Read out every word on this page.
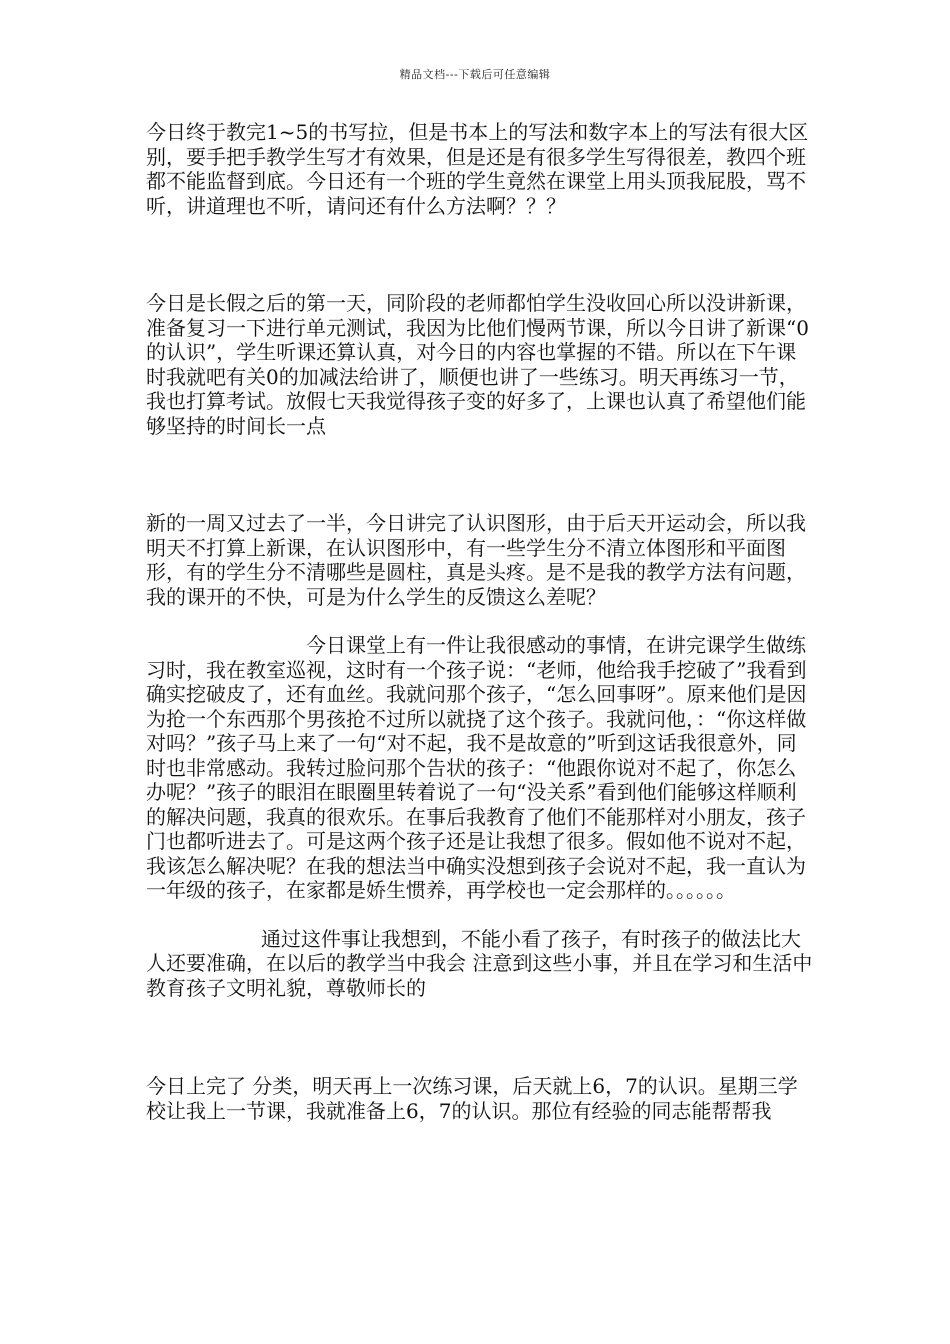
精品文档---下载后可任意编辑

今日终于教完1~5的书写拉，但是书本上的写法和数字本上的写法有很大区别，要手把手教学生写才有效果，但是还是有很多学生写得很差，教四个班都不能监督到底。今日还有一个班的学生竟然在课堂上用头顶我屁股，骂不听，讲道理也不听，请问还有什么方法啊？？？

今日是长假之后的第一天，同阶段的老师都怕学生没收回心所以没讲新课，准备复习一下进行单元测试，我因为比他们慢两节课，所以今日讲了新课“0的认识”，学生听课还算认真，对今日的内容也掌握的不错。所以在下午课时我就吧有关0的加减法给讲了，顺便也讲了一些练习。明天再练习一节，我也打算考试。放假七天我觉得孩子变的好多了，上课也认真了希望他们能够坚持的时间长一点

新的一周又过去了一半，今日讲完了认识图形，由于后天开运动会，所以我明天不打算上新课，在认识图形中，有一些学生分不清立体图形和平面图形，有的学生分不清哪些是圆柱，真是头疼。是不是我的教学方法有问题，我的课开的不快，可是为什么学生的反馈这么差呢？

今日课堂上有一件让我很感动的事情，在讲完课学生做练习时，我在教室巡视，这时有一个孩子说：“老师，他给我手挖破了”我看到确实挖破皮了，还有血丝。我就问那个孩子，“怎么回事呀”。原来他们是因为抢一个东西那个男孩抢不过所以就挠了这个孩子。我就问他，：“你这样做对吗？”孩子马上来了一句“对不起，我不是故意的”听到这话我很意外，同时也非常感动。我转过脸问那个告状的孩子：“他跟你说对不起了，你怎么办呢？”孩子的眼泪在眼圈里转着说了一句“没关系”看到他们能够这样顺利的解决问题，我真的很欢乐。在事后我教育了他们不能那样对小朋友，孩子门也都听进去了。可是这两个孩子还是让我想了很多。假如他不说对不起，我该怎么解决呢？在我的想法当中确实没想到孩子会说对不起，我一直认为一年级的孩子，在家都是娇生惯养，再学校也一定会那样的。。。。。。

通过这件事让我想到，不能小看了孩子，有时孩子的做法比大人还要准确，在以后的教学当中我会 注意到这些小事，并且在学习和生活中教育孩子文明礼貌，尊敬师长的

今日上完了 分类，明天再上一次练习课，后天就上6，7的认识。星期三学校让我上一节课，我就准备上6，7的认识。那位有经验的同志能帮帮我
